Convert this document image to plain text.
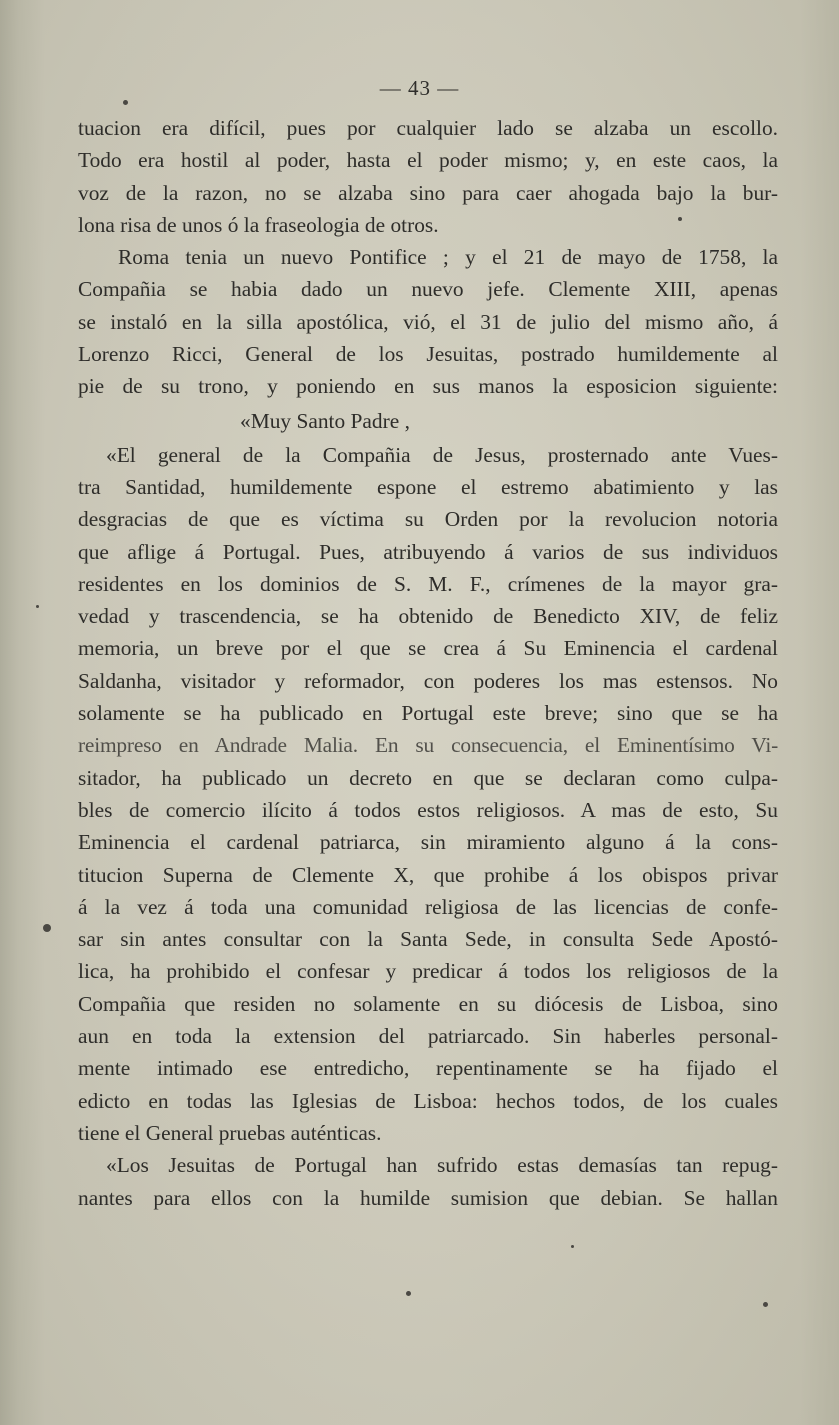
— 43 —
tuacion era difícil, pues por cualquier lado se alzaba un escollo.
Todo era hostil al poder, hasta el poder mismo; y, en este caos, la
voz de la razon, no se alzaba sino para caer ahogada bajo la bur-
lona risa de unos ó la fraseologia de otros.
Roma tenia un nuevo Pontifice ; y el 21 de mayo de 1758, la
Compañia se habia dado un nuevo jefe. Clemente XIII, apenas
se instaló en la silla apostólica, vió, el 31 de julio del mismo año, á
Lorenzo Ricci, General de los Jesuitas, postrado humildemente al
pie de su trono, y poniendo en sus manos la esposicion siguiente:
«Muy Santo Padre ,
«El general de la Compañia de Jesus, prosternado ante Vues-
tra Santidad, humildemente espone el estremo abatimiento y las
desgracias de que es víctima su Orden por la revolucion notoria
que aflige á Portugal. Pues, atribuyendo á varios de sus individuos
residentes en los dominios de S. M. F., crímenes de la mayor gra-
vedad y trascendencia, se ha obtenido de Benedicto XIV, de feliz
memoria, un breve por el que se crea á Su Eminencia el cardenal
Saldanha, visitador y reformador, con poderes los mas estensos. No
solamente se ha publicado en Portugal este breve; sino que se ha
reimpreso en Andrade Malia. En su consecuencia, el Eminentísimo Vi-
sitador, ha publicado un decreto en que se declaran como culpa-
bles de comercio ilícito á todos estos religiosos. A mas de esto, Su
Eminencia el cardenal patriarca, sin miramiento alguno á la cons-
titucion Superna de Clemente X, que prohibe á los obispos privar
á la vez á toda una comunidad religiosa de las licencias de confe-
sar sin antes consultar con la Santa Sede, in consulta Sede Apostó-
lica, ha prohibido el confesar y predicar á todos los religiosos de la
Compañia que residen no solamente en su diócesis de Lisboa, sino
aun en toda la extension del patriarcado. Sin haberles personal-
mente intimado ese entredicho, repentinamente se ha fijado el
edicto en todas las Iglesias de Lisboa: hechos todos, de los cuales
tiene el General pruebas auténticas.
«Los Jesuitas de Portugal han sufrido estas demasías tan repug-
nantes para ellos con la humilde sumision que debian. Se hallan
